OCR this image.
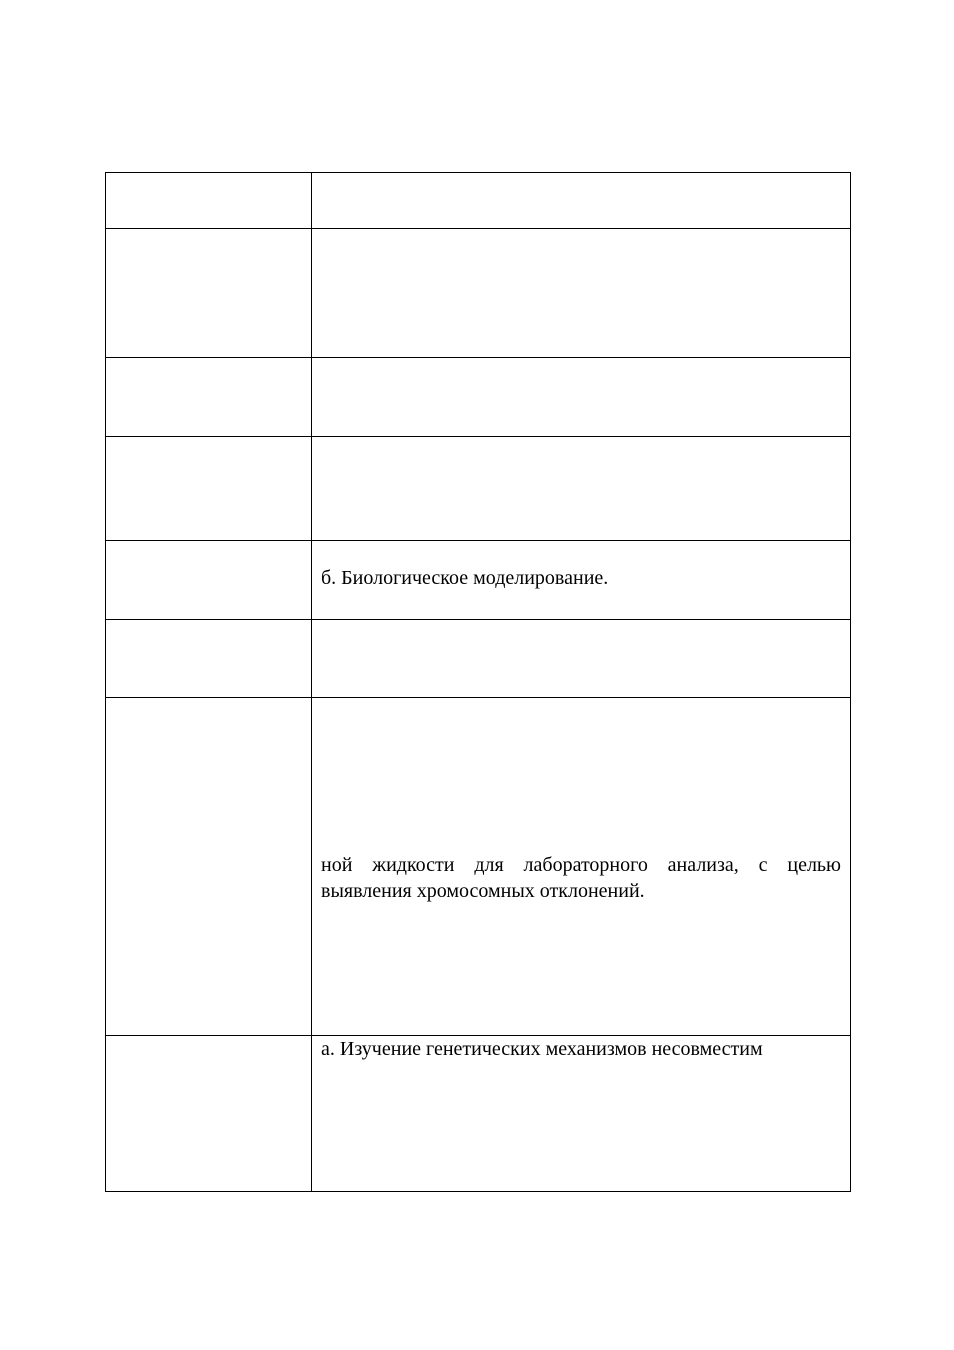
	б. Биологическое моделирование.

	ной жидкости для лабораторного анализа, с целью
выявления хромосомных отклонений.

	а. Изучение генетических механизмов несовместим
